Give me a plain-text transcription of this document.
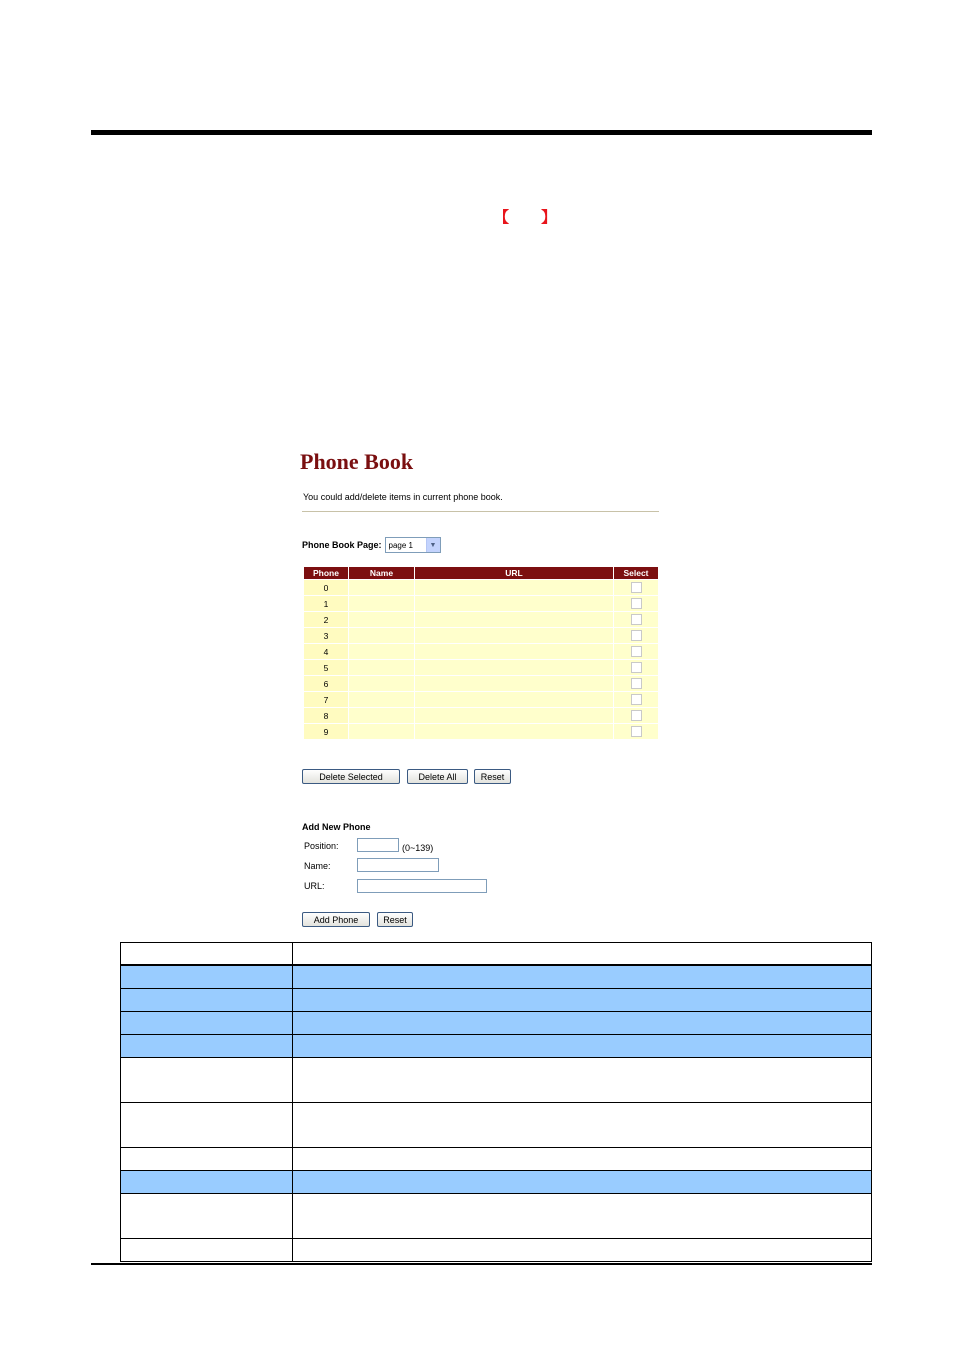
【 】
Phone Book
You could add/delete items in current phone book.
Phone Book Page: page 1	▼
Phone	Name	URL	Select
0			
1			
2			
3			
4			
5			
6			
7			
8			
9			
Delete Selected	Delete All	Reset
Add New Phone
Position:	(0~139)
Name:
URL:
Add Phone	Reset
